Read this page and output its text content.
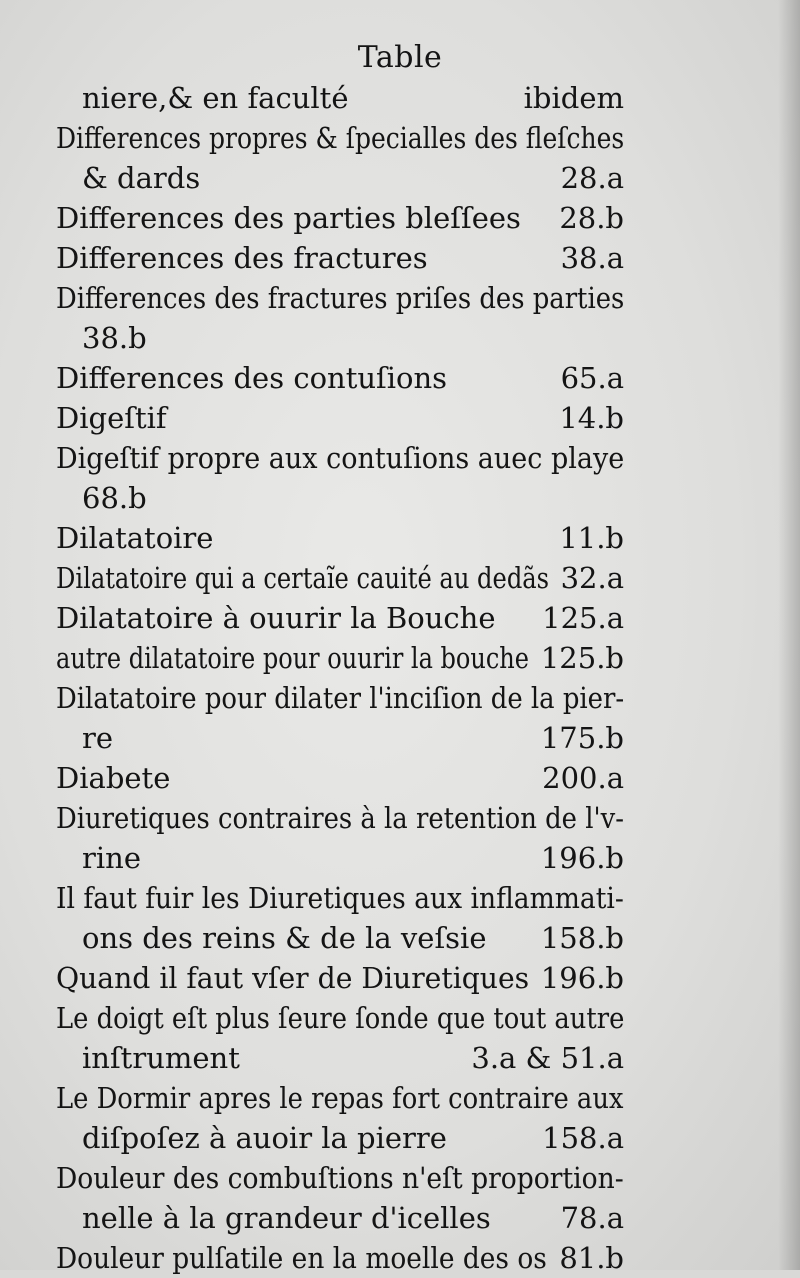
Table
niere,& en faculté	ibidem
Differences propres & ſpecialles des fleſches
& dards	28.a
Differences des parties bleſſees 28.b
Differences des fractures	38.a
Differences des fractures priſes des parties
38.b
Differences des contuſions	65.a
Digeſtif	14.b
Digeſtif propre aux contuſions auec playe
68.b
Dilatatoire	11.b
Dilatatoire qui a certaĩe cauité au dedãs 32.a
Dilatatoire à ouurir la Bouche 125.a
autre dilatatoire pour ouurir la bouche 125.b
Dilatatoire pour dilater l'inciſion de la pier-
re	175.b
Diabete	200.a
Diuretiques contraires à la retention de l'v-
rine	196.b
Il faut fuir les Diuretiques aux inflammati-
ons des reins & de la veſsie 158.b
Quand il faut vſer de Diuretiques 196.b
Le doigt eſt plus ſeure ſonde que tout autre
inſtrument	3.a & 51.a
Le Dormir apres le repas fort contraire aux
diſpoſez à auoir la pierre	158.a
Douleur des combuſtions n'eſt proportion-
nelle à la grandeur d'icelles 78.a
Douleur pulſatile en la moelle des os 81.b
